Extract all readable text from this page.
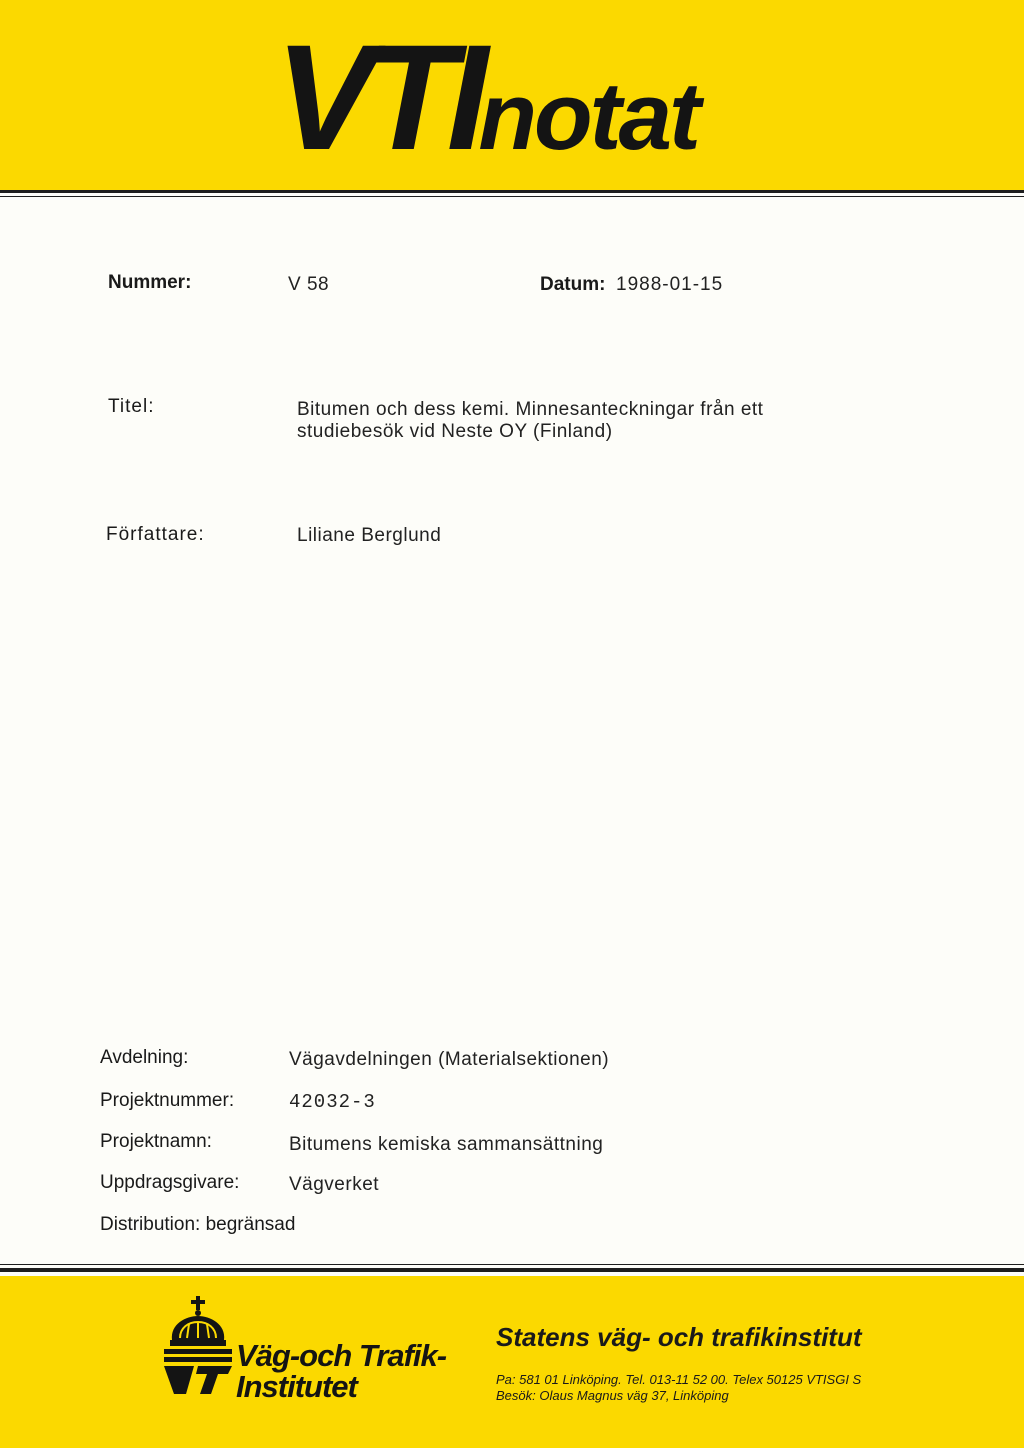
VTInotat
Nummer:	V 58	Datum: 1988-01-15
Titel:	Bitumen och dess kemi. Minnesanteckningar från ett
studiebesök vid Neste OY (Finland)
Författare:	Liliane Berglund
Avdelning:	Vägavdelningen (Materialsektionen)
Projektnummer:	42032-3
Projektnamn:	Bitumens kemiska sammansättning
Uppdragsgivare:	Vägverket
Distribution: begränsad
Väg-och Trafik-
Institutet
Statens väg- och trafikinstitut
Pa: 581 01 Linköping. Tel. 013-11 52 00. Telex 50125 VTISGI S
Besök: Olaus Magnus väg 37, Linköping
